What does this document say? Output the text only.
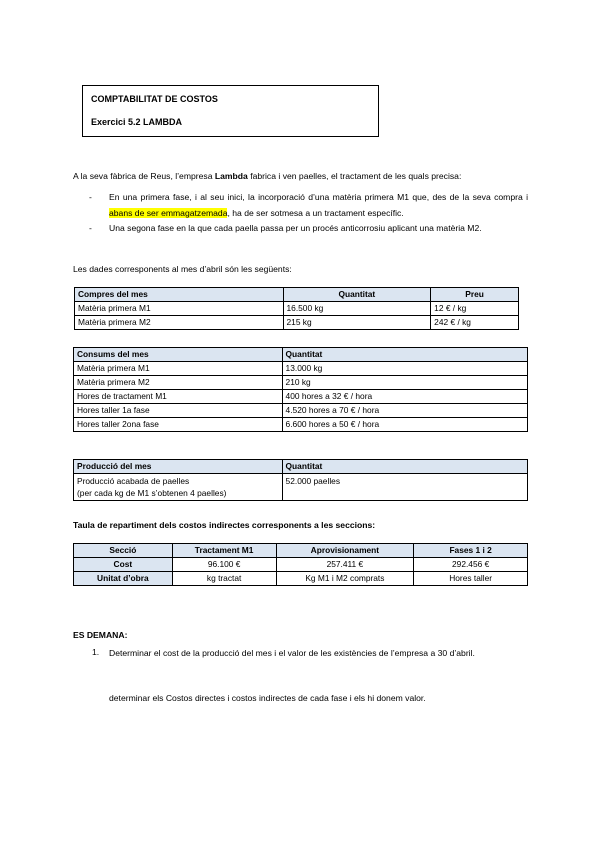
COMPTABILITAT DE COSTOS
Exercici 5.2 LAMBDA
A la seva fàbrica de Reus, l’empresa Lambda fabrica i ven paelles, el tractament de les quals precisa:
- En una primera fase, i al seu inici, la incorporació d’una matèria primera M1 que, des de la seva compra i abans de ser emmagatzemada, ha de ser sotmesa a un tractament específic.
- Una segona fase en la que cada paella passa per un procés anticorrosiu aplicant una matèria M2.
Les dades corresponents al mes d’abril són les següents:
Compres del mes	Quantitat	Preu
Matèria primera M1	16.500 kg	12 € / kg
Matèria primera M2	215 kg	242 € / kg
Consums del mes	Quantitat
Matèria primera M1	13.000 kg
Matèria primera M2	210 kg
Hores de tractament M1	400 hores a 32 € / hora
Hores taller 1a fase	4.520 hores a 70 € / hora
Hores taller 2ona fase	6.600 hores a 50 € / hora
Producció del mes	Quantitat

Producció acabada de paelles
(per cada kg de M1 s’obtenen 4 paelles)	52.000 paelles
Taula de repartiment dels costos indirectes corresponents a les seccions:
Secció	Tractament M1	Aprovisionament	Fases 1 i 2
Cost	96.100 €	257.411 €	292.456 €
Unitat d’obra	kg tractat	Kg M1 i M2 comprats	Hores taller
ES DEMANA:
1. Determinar el cost de la producció del mes i el valor de les existències de l’empresa a 30 d’abril.
determinar els Costos directes i costos indirectes de cada fase i els hi donem valor.
